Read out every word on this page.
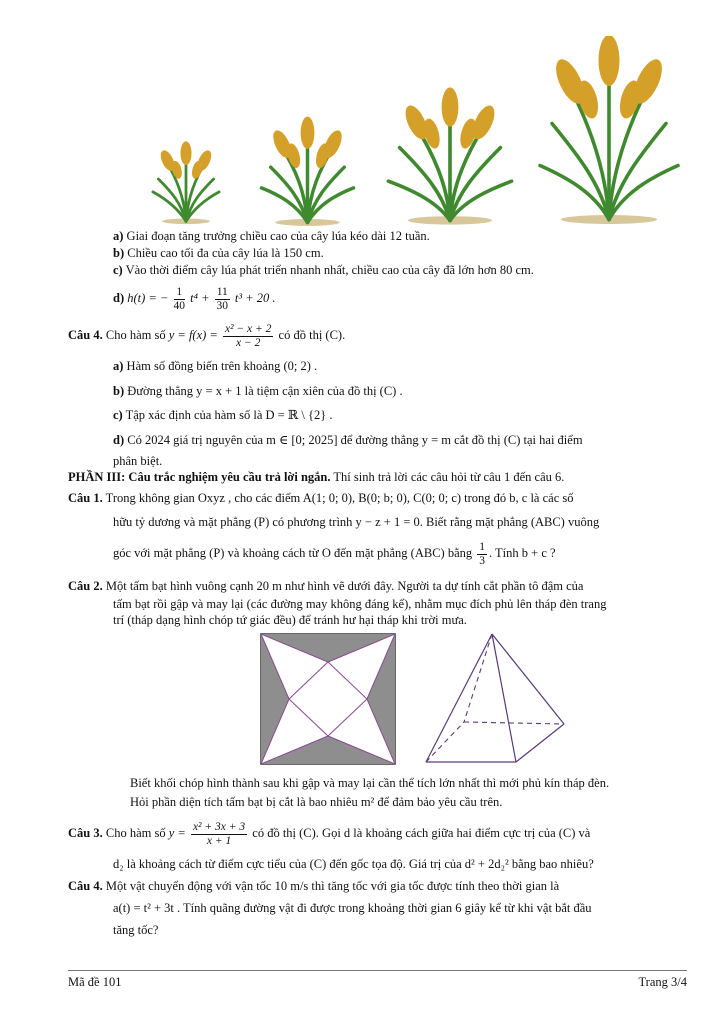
a) Giai đoạn tăng trưởng chiều cao của cây lúa kéo dài 12 tuần.
b) Chiều cao tối đa của cây lúa là 150 cm.
c) Vào thời điểm cây lúa phát triển nhanh nhất, chiều cao của cây đã lớn hơn 80 cm.
d) h(t) = − $\frac{1}{40} t^4 + \frac{11}{30} t^3 + 20$ .
Câu 4. Cho hàm số $y = f(x) = \frac{\text{x² − x + 2}}{x - 2}$ có đồ thị (C).
a) Hàm số đồng biến trên khoảng (0; 2) .
b) Đường thẳng y = x + 1 là tiệm cận xiên của đồ thị (C) .
c) Tập xác định của hàm số là D = ℝ \ {2} .
d) Có 2024 giá trị nguyên của m ∈ [0; 2025] để đường thẳng y = m cắt đồ thị (C) tại hai điểm
phân biệt.
PHẦN III: Câu trắc nghiệm yêu cầu trả lời ngắn. Thí sinh trả lời các câu hỏi từ câu 1 đến câu 6.
Câu 1. Trong không gian Oxyz , cho các điểm A(1; 0; 0), B(0; b; 0), C(0; 0; c) trong đó b, c là các số
hữu tỷ dương và mặt phẳng (P) có phương trình y − z + 1 = 0. Biết rằng mặt phẳng (ABC) vuông
góc với mặt phẳng (P) và khoảng cách từ O đến mặt phẳng (ABC) bằng $\frac{1}{3}$ . Tính b + c ?
Câu 2. Một tấm bạt hình vuông cạnh 20 m như hình vẽ dưới đây. Người ta dự tính cắt phần tô đậm của
tấm bạt rồi gập và may lại (các đường may không đáng kể), nhằm mục đích phủ lên tháp đèn trang
trí (tháp dạng hình chóp tứ giác đều) để tránh hư hại tháp khi trời mưa.
Biết khối chóp hình thành sau khi gập và may lại cần thể tích lớn nhất thì mới phủ kín tháp đèn.
Hỏi phần diện tích tấm bạt bị cắt là bao nhiêu m² để đảm bảo yêu cầu trên.
Câu 3. Cho hàm số $y = \frac{\text{x² + 3x + 3}}{x + 1}$ có đồ thị (C). Gọi d là khoảng cách giữa hai điểm cực trị của (C) và
d₂ là khoảng cách từ điểm cực tiểu của (C) đến gốc tọa độ. Giá trị của d² + 2d₂² bằng bao nhiêu?
Câu 4. Một vật chuyển động với vận tốc 10 m/s thì tăng tốc với gia tốc được tính theo thời gian là
a(t) = t² + 3t . Tính quãng đường vật đi được trong khoảng thời gian 6 giây kể từ khi vật bắt đầu
tăng tốc?
Mã đề 101	Trang 3/4
